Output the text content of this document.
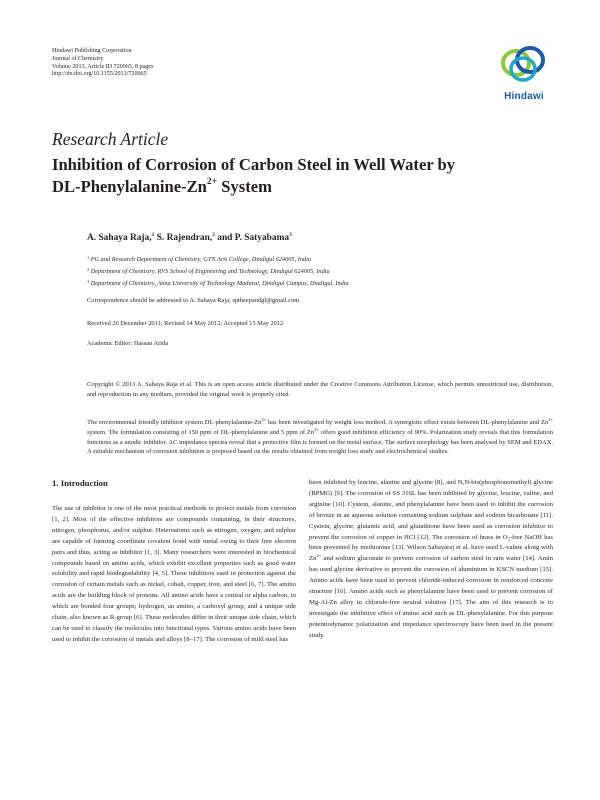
Hindawi Publishing Corporation
Journal of Chemistry
Volume 2013, Article ID 720965, 8 pages
http://dx.doi.org/10.1155/2013/720965
Hindawi
Research Article
Inhibition of Corrosion of Carbon Steel in Well Water by
$DL-Phenylalanine-Zn^{2+}$ System
A. Sahaya Raja,$^1$ S. Rajendran,$^2$ and P. Satyabama$^3$
$^1$ PG and Research Department of Chemistry, GTN Arts College, Dindigul 624005, India
$^2$ Department of Chemistry, RVS School of Engineering and Technology, Dindigul 624005, India
$^3$ Department of Chemistry, Anna University of Technology Madurai, Dindigul Campus, Dindigul, India
Correspondence should be addressed to A. Sahaya Raja; sptheepandgl@gmail.com
Received 26 December 2011; Revised 14 May 2012; Accepted 15 May 2012
Academic Editor: Hassan Arida
Copyright © 2013 A. Sahaya Raja et al. This is an open access article distributed under the Creative Commons Attribution License, which permits unrestricted use, distribution, and reproduction in any medium, provided the original work is properly cited.
The environmental friendly inhibitor system $DL-phenylalanine-Zn^{2+}$ has been investigated by weight loss method. A synergistic effect exists between DL-phenylalanine and $Zn^{2+}$ system. The formulation consisting of 150 ppm of DL-phenylalanine and 5 ppm of $Zn^{2+}$ offers good inhibition efficiency of 90%. Polarization study reveals that this formulation functions as a anodic inhibitor. AC impedance spectra reveal that a protective film is formed on the metal surface. The surface morphology has been analysed by SEM and EDAX. A suitable mechanism of corrosion inhibition is proposed based on the results obtained from weight loss study and electrochemical studies.
1. Introduction

The use of inhibitor is one of the most practical methods to protect metals from corrosion [1, 2]. Most of the effective inhibitors are compounds containing, in their structures, nitrogen, phosphorus, and/or sulphur. Heteroatoms such as nitrogen, oxygen, and sulphur are capable of forming coordinate covalent bond with metal owing to their free electron pairs and thus, acting as inhibitor [1, 3]. Many researchers were interested in biochemical compounds based on amino acids, which exhibit excellent properties such as good water solubility and rapid biodegradability [4, 5]. These inhibitors used in protection against the corrosion of certain metals such as nickel, cobalt, copper, iron, and steel [6, 7]. The amino acids are the building block of proteins. All amino acids have a central or alpha carbon, to which are bonded four groups; hydrogen, an amino, a carboxyl group, and a unique side chain, also known as R-group [6]. These molecules differ in their unique side chain, which can be used to classify the molecules into functional types. Various amino acids have been used to inhibit the corrosion of metals and alloys [8–17]. The corrosion of mild steel has

been inhibited by leucine, alanine and glycine [8], and N,N-bis(phosphonomethyl) glycine (BPMG) [9]. The corrosion of SS 316L has been inhibited by glycine, leucine, valine, and arginine [10]. Cystein, alanine, and phenylalanine have been used to inhibit the corrosion of bronze in an aqueous solution containing sodium sulphate and sodium bicarbonate [11]. Cystein, glycine, glutamic acid, and glutathione have been used as corrosion inhibitor to prevent the corrosion of copper in HCl [12]. The corrosion of brass in $O_2$-free NaOH has been prevented by methionine [13]. Wilson Sahayaraj et al. have used L-valine along with $Zn^{2+}$ and sodium gluconate to prevent corrosion of carbon steel in rain water [14]. Amin has used glycine derivative to prevent the corrosion of aluminium in KSCN medium [15]. Amino acids have been used to prevent chloride-induced corrosion in reinforced concrete structure [16]. Amino acids such as phenylalanine have been used to prevent corrosion of Mg-Al-Zn alloy in chloride-free neutral solution [17]. The aim of this research is to investigate the inhibitive effect of amino acid such as DL-phenylalanine. For this purpose potentiodynamic polarization and impedance spectroscopy have been used in the present study.
